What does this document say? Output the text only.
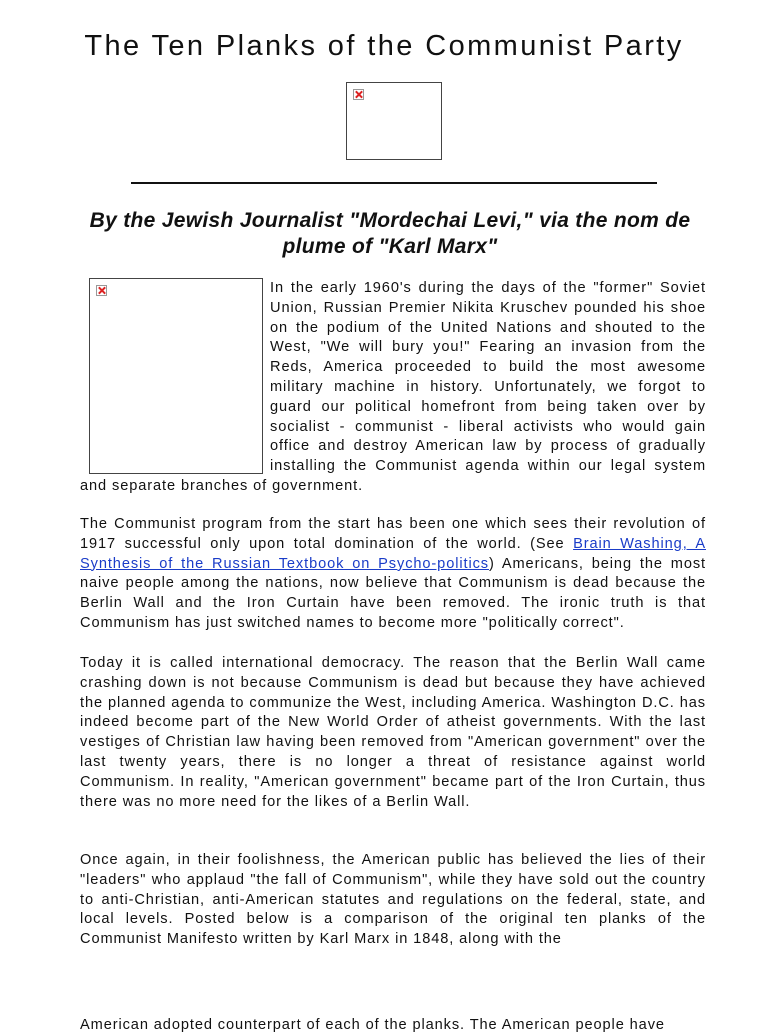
The Ten Planks of the Communist Party
By the Jewish Journalist "Mordechai Levi," via the nom de plume of "Karl Marx"

In the early 1960's during the days of the "former" Soviet Union, Russian Premier Nikita Kruschev pounded his shoe on the podium of the United Nations and shouted to the West, "We will bury you!" Fearing an invasion from the Reds, America proceeded to build the most awesome military machine in history. Unfortunately, we forgot to guard our political homefront from being taken over by socialist - communist - liberal activists who would gain office and destroy American law by process of gradually installing the Communist agenda within our legal system and separate branches of government.

The Communist program from the start has been one which sees their revolution of 1917 successful only upon total domination of the world. (See Brain Washing, A Synthesis of the Russian Textbook on Psycho-politics) Americans, being the most naive people among the nations, now believe that Communism is dead because the Berlin Wall and the Iron Curtain have been removed. The ironic truth is that Communism has just switched names to become more "politically correct".

Today it is called international democracy. The reason that the Berlin Wall came crashing down is not because Communism is dead but because they have achieved the planned agenda to communize the West, including America. Washington D.C. has indeed become part of the New World Order of atheist governments. With the last vestiges of Christian law having been removed from "American government" over the last twenty years, there is no longer a threat of resistance against world Communism. In reality, "American government" became part of the Iron Curtain, thus there was no more need for the likes of a Berlin Wall.

Once again, in their foolishness, the American public has believed the lies of their "leaders" who applaud "the fall of Communism", while they have sold out the country to anti-Christian, anti-American statutes and regulations on the federal, state, and local levels. Posted below is a comparison of the original ten planks of the Communist Manifesto written by Karl Marx in 1848, along with the

American adopted counterpart of each of the planks. The American people have
